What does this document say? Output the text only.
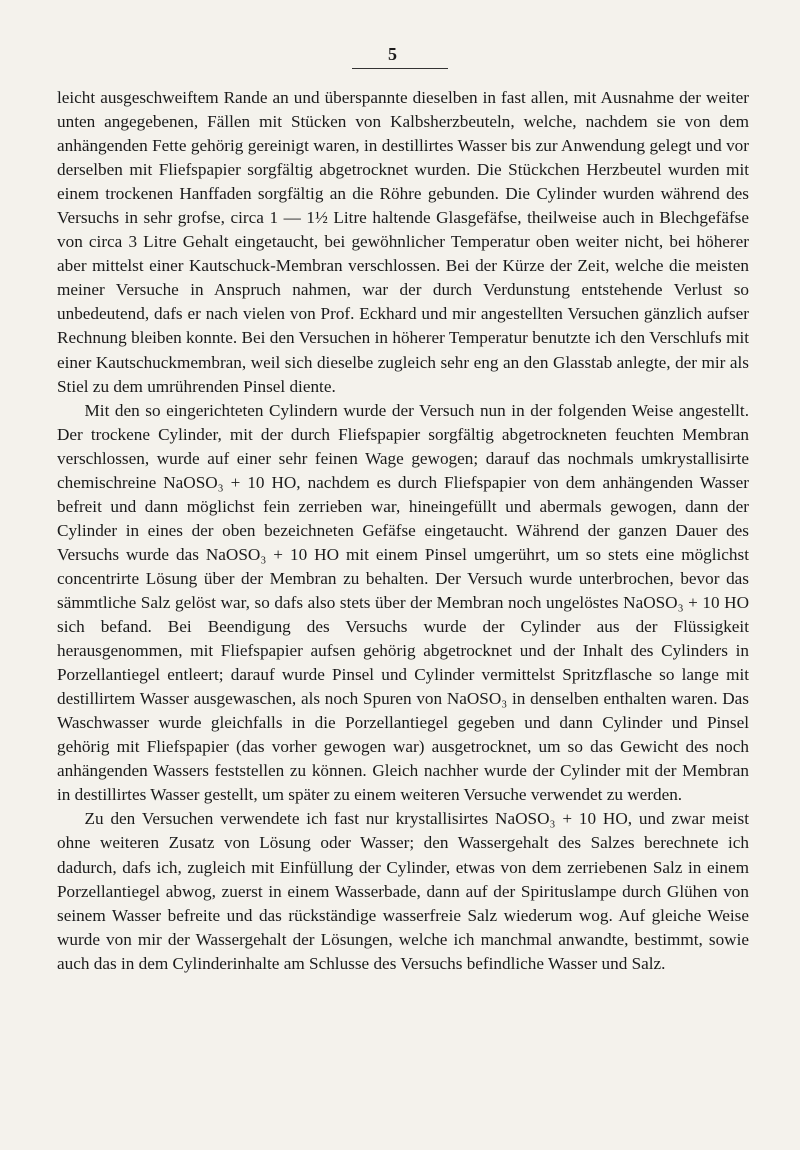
5

leicht ausgeschweiftem Rande an und überspannte dieselben in fast allen, mit Ausnahme der weiter unten angegebenen, Fällen mit Stücken von Kalbsherzbeuteln, welche, nachdem sie von dem anhängenden Fette gehörig gereinigt waren, in destillirtes Wasser bis zur Anwendung gelegt und vor derselben mit Fliefspapier sorgfältig abgetrocknet wurden. Die Stückchen Herzbeutel wurden mit einem trockenen Hanffaden sorgfältig an die Röhre gebunden. Die Cylinder wurden während des Versuchs in sehr grofse, circa 1 — 1½ Litre haltende Glasgefäfse, theilweise auch in Blechgefäfse von circa 3 Litre Gehalt eingetaucht, bei gewöhnlicher Temperatur oben weiter nicht, bei höherer aber mittelst einer Kautschuck-Membran verschlossen. Bei der Kürze der Zeit, welche die meisten meiner Versuche in Anspruch nahmen, war der durch Verdunstung entstehende Verlust so unbedeutend, dafs er nach vielen von Prof. Eckhard und mir angestellten Versuchen gänzlich aufser Rechnung bleiben konnte. Bei den Versuchen in höherer Temperatur benutzte ich den Verschlufs mit einer Kautschuckmembran, weil sich dieselbe zugleich sehr eng an den Glasstab anlegte, der mir als Stiel zu dem umrührenden Pinsel diente.

Mit den so eingerichteten Cylindern wurde der Versuch nun in der folgenden Weise angestellt. Der trockene Cylinder, mit der durch Fliefspapier sorgfältig abgetrockneten feuchten Membran verschlossen, wurde auf einer sehr feinen Wage gewogen; darauf das nochmals umkrystallisirte chemischreine NaOSO₃ + 10 HO, nachdem es durch Fliefspapier von dem anhängenden Wasser befreit und dann möglichst fein zerrieben war, hineingefüllt und abermals gewogen, dann der Cylinder in eines der oben bezeichneten Gefäfse eingetaucht. Während der ganzen Dauer des Versuchs wurde das NaOSO₃ + 10 HO mit einem Pinsel umgerührt, um so stets eine möglichst concentrirte Lösung über der Membran zu behalten. Der Versuch wurde unterbrochen, bevor das sämmtliche Salz gelöst war, so dafs also stets über der Membran noch ungelöstes NaOSO₃ + 10 HO sich befand. Bei Beendigung des Versuchs wurde der Cylinder aus der Flüssigkeit herausgenommen, mit Fliefspapier aufsen gehörig abgetrocknet und der Inhalt des Cylinders in Porzellantiegel entleert; darauf wurde Pinsel und Cylinder vermittelst Spritzflasche so lange mit destillirtem Wasser ausgewaschen, als noch Spuren von NaOSO₃ in denselben enthalten waren. Das Waschwasser wurde gleichfalls in die Porzellantiegel gegeben und dann Cylinder und Pinsel gehörig mit Fliefspapier (das vorher gewogen war) ausgetrocknet, um so das Gewicht des noch anhängenden Wassers feststellen zu können. Gleich nachher wurde der Cylinder mit der Membran in destillirtes Wasser gestellt, um später zu einem weiteren Versuche verwendet zu werden.

Zu den Versuchen verwendete ich fast nur krystallisirtes NaOSO₃ + 10 HO, und zwar meist ohne weiteren Zusatz von Lösung oder Wasser; den Wassergehalt des Salzes berechnete ich dadurch, dafs ich, zugleich mit Einfüllung der Cylinder, etwas von dem zerriebenen Salz in einem Porzellantiegel abwog, zuerst in einem Wasserbade, dann auf der Spirituslampe durch Glühen von seinem Wasser befreite und das rückständige wasserfreie Salz wiederum wog. Auf gleiche Weise wurde von mir der Wassergehalt der Lösungen, welche ich manchmal anwandte, bestimmt, sowie auch das in dem Cylinderinhalte am Schlusse des Versuchs befindliche Wasser und Salz.
